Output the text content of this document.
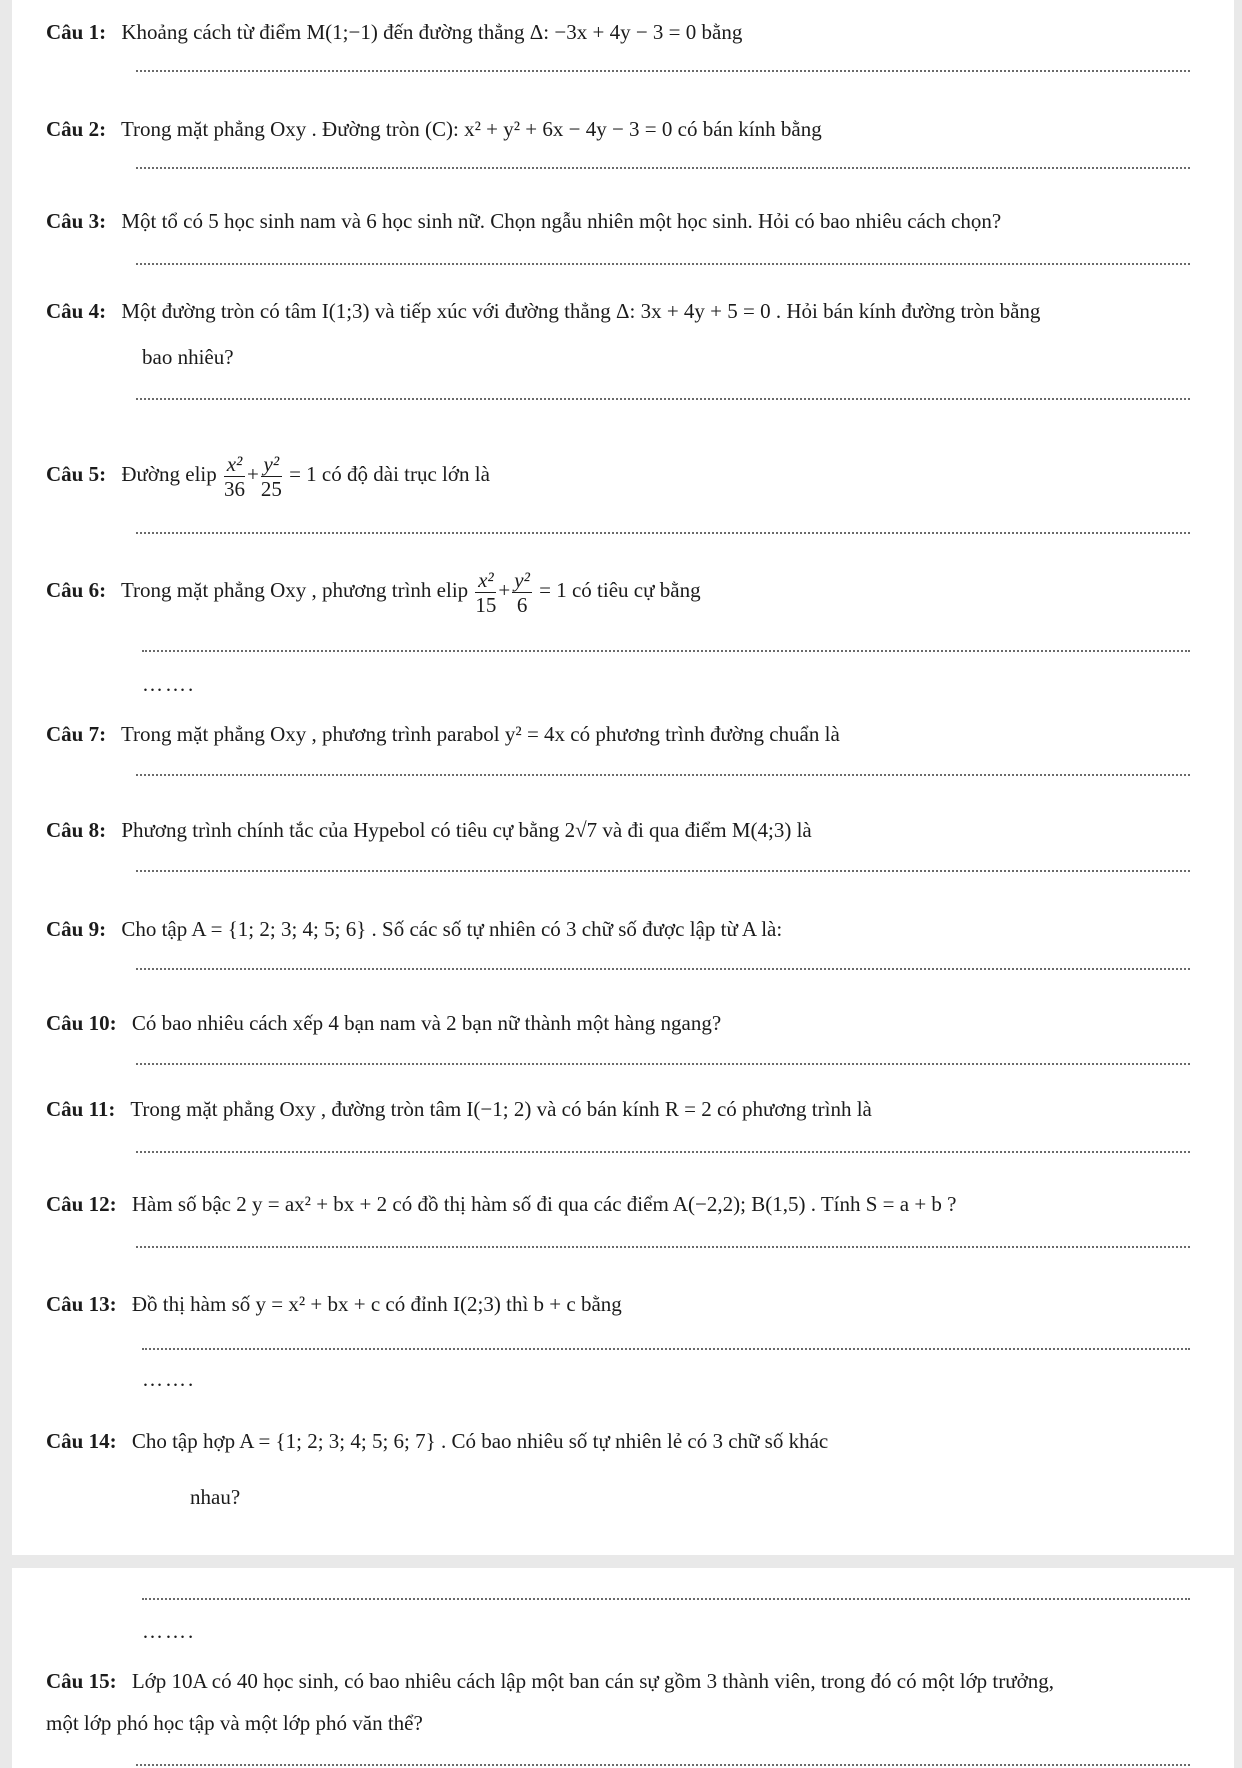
Câu 1: Khoảng cách từ điểm M(1;−1) đến đường thẳng Δ: −3x + 4y − 3 = 0 bằng
Câu 2: Trong mặt phẳng Oxy . Đường tròn (C): x² + y² + 6x − 4y − 3 = 0 có bán kính bằng
Câu 3: Một tổ có 5 học sinh nam và 6 học sinh nữ. Chọn ngẫu nhiên một học sinh. Hỏi có bao nhiêu cách chọn?
Câu 4: Một đường tròn có tâm I(1;3) và tiếp xúc với đường thẳng Δ: 3x + 4y + 5 = 0 . Hỏi bán kính đường tròn bằng
bao nhiêu?
Câu 5: Đường elip $\frac{\text{x²}}{36} + \frac{\text{y²}}{25} = 1$ có độ dài trục lớn là
Câu 6: Trong mặt phẳng Oxy , phương trình elip $\frac{\text{x²}}{15} + \frac{\text{y²}}{6} = 1$ có tiêu cự bằng
…….
Câu 7: Trong mặt phẳng Oxy , phương trình parabol y² = 4x có phương trình đường chuẩn là
Câu 8: Phương trình chính tắc của Hypebol có tiêu cự bằng 2√7 và đi qua điểm M(4;3) là
Câu 9: Cho tập A = {1; 2; 3; 4; 5; 6} . Số các số tự nhiên có 3 chữ số được lập từ A là:
Câu 10: Có bao nhiêu cách xếp 4 bạn nam và 2 bạn nữ thành một hàng ngang?
Câu 11: Trong mặt phẳng Oxy , đường tròn tâm I(−1; 2) và có bán kính R = 2 có phương trình là
Câu 12: Hàm số bậc 2 y = ax² + bx + 2 có đồ thị hàm số đi qua các điểm A(−2,2); B(1,5) . Tính S = a + b ?
Câu 13: Đồ thị hàm số y = x² + bx + c có đỉnh I(2;3) thì b + c bằng
…….
Câu 14: Cho tập hợp A = {1; 2; 3; 4; 5; 6; 7} . Có bao nhiêu số tự nhiên lẻ có 3 chữ số khác
nhau?
…….
Câu 15: Lớp 10A có 40 học sinh, có bao nhiêu cách lập một ban cán sự gồm 3 thành viên, trong đó có một lớp trưởng,
một lớp phó học tập và một lớp phó văn thể?
